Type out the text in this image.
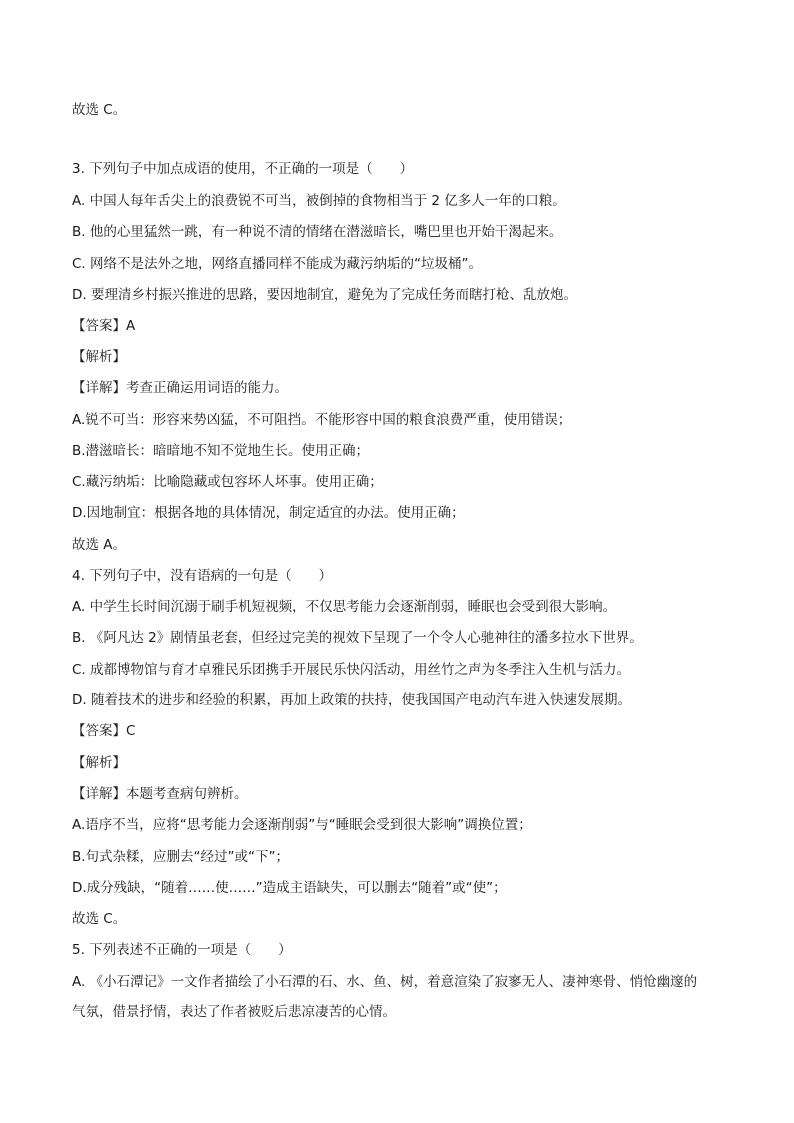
故选 C。
3. 下列句子中加点成语的使用，不正确的一项是（　　）
A. 中国人每年舌尖上的浪费锐不可当，被倒掉的食物相当于 2 亿多人一年的口粮。
B. 他的心里猛然一跳，有一种说不清的情绪在潜滋暗长，嘴巴里也开始干渴起来。
C. 网络不是法外之地，网络直播同样不能成为藏污纳垢的“垃圾桶”。
D. 要理清乡村振兴推进的思路，要因地制宜，避免为了完成任务而瞎打枪、乱放炮。
【答案】A
【解析】
【详解】考查正确运用词语的能力。
A.锐不可当：形容来势凶猛，不可阻挡。不能形容中国的粮食浪费严重，使用错误；
B.潜滋暗长：暗暗地不知不觉地生长。使用正确；
C.藏污纳垢：比喻隐藏或包容坏人坏事。使用正确；
D.因地制宜：根据各地的具体情况，制定适宜的办法。使用正确；
故选 A。
4. 下列句子中，没有语病的一句是（　　）
A. 中学生长时间沉溺于刷手机短视频，不仅思考能力会逐渐削弱，睡眠也会受到很大影响。
B. 《阿凡达 2》剧情虽老套，但经过完美的视效下呈现了一个令人心驰神往的潘多拉水下世界。
C. 成都博物馆与育才卓雅民乐团携手开展民乐快闪活动，用丝竹之声为冬季注入生机与活力。
D. 随着技术的进步和经验的积累，再加上政策的扶持，使我国国产电动汽车进入快速发展期。
【答案】C
【解析】
【详解】本题考查病句辨析。
A.语序不当，应将“思考能力会逐渐削弱”与“睡眠会受到很大影响”调换位置；
B.句式杂糅，应删去“经过”或“下”；
D.成分残缺，“随着……使……”造成主语缺失，可以删去“随着”或“使”；
故选 C。
5. 下列表述不正确的一项是（　　）
A. 《小石潭记》一文作者描绘了小石潭的石、水、鱼、树，着意渲染了寂寥无人、凄神寒骨、悄怆幽邃的
气氛，借景抒情，表达了作者被贬后悲凉凄苦的心情。
